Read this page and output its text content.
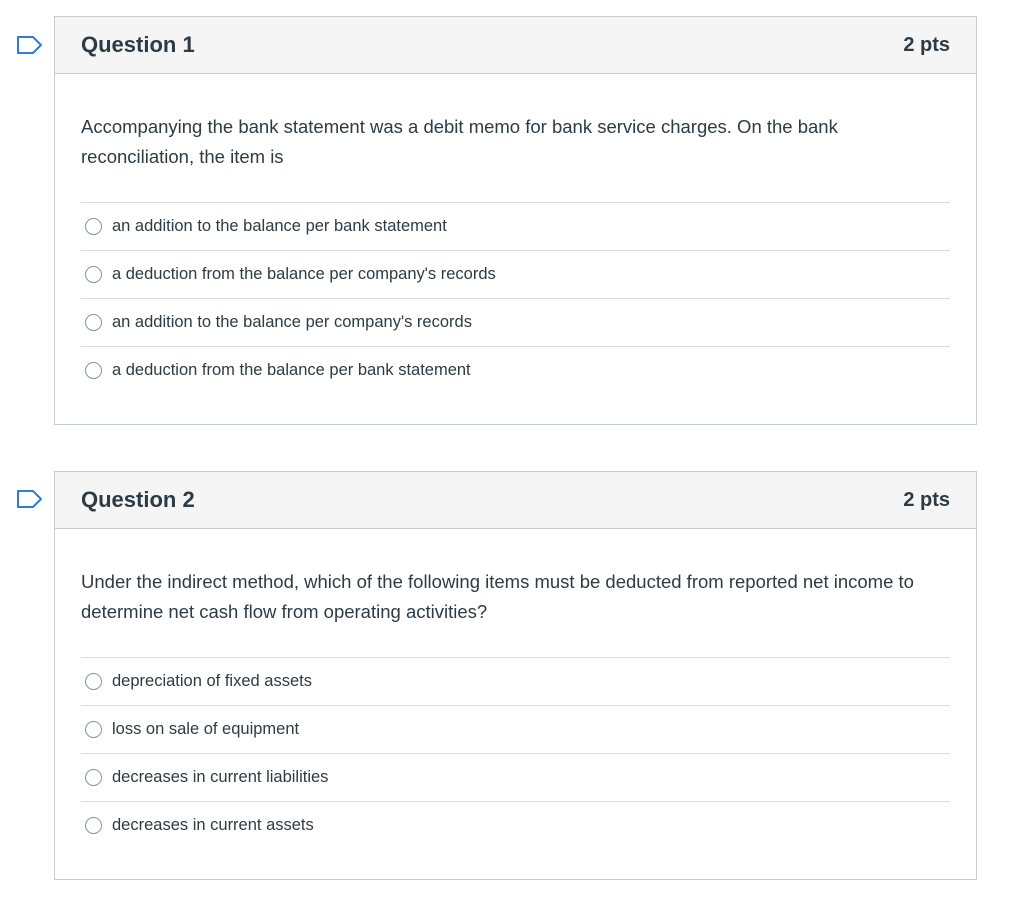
Question 1	2 pts

Accompanying the bank statement was a debit memo for bank service charges. On the bank reconciliation, the item is

an addition to the balance per bank statement
a deduction from the balance per company's records
an addition to the balance per company's records
a deduction from the balance per bank statement
Question 2	2 pts

Under the indirect method, which of the following items must be deducted from reported net income to determine net cash flow from operating activities?

depreciation of fixed assets
loss on sale of equipment
decreases in current liabilities
decreases in current assets
